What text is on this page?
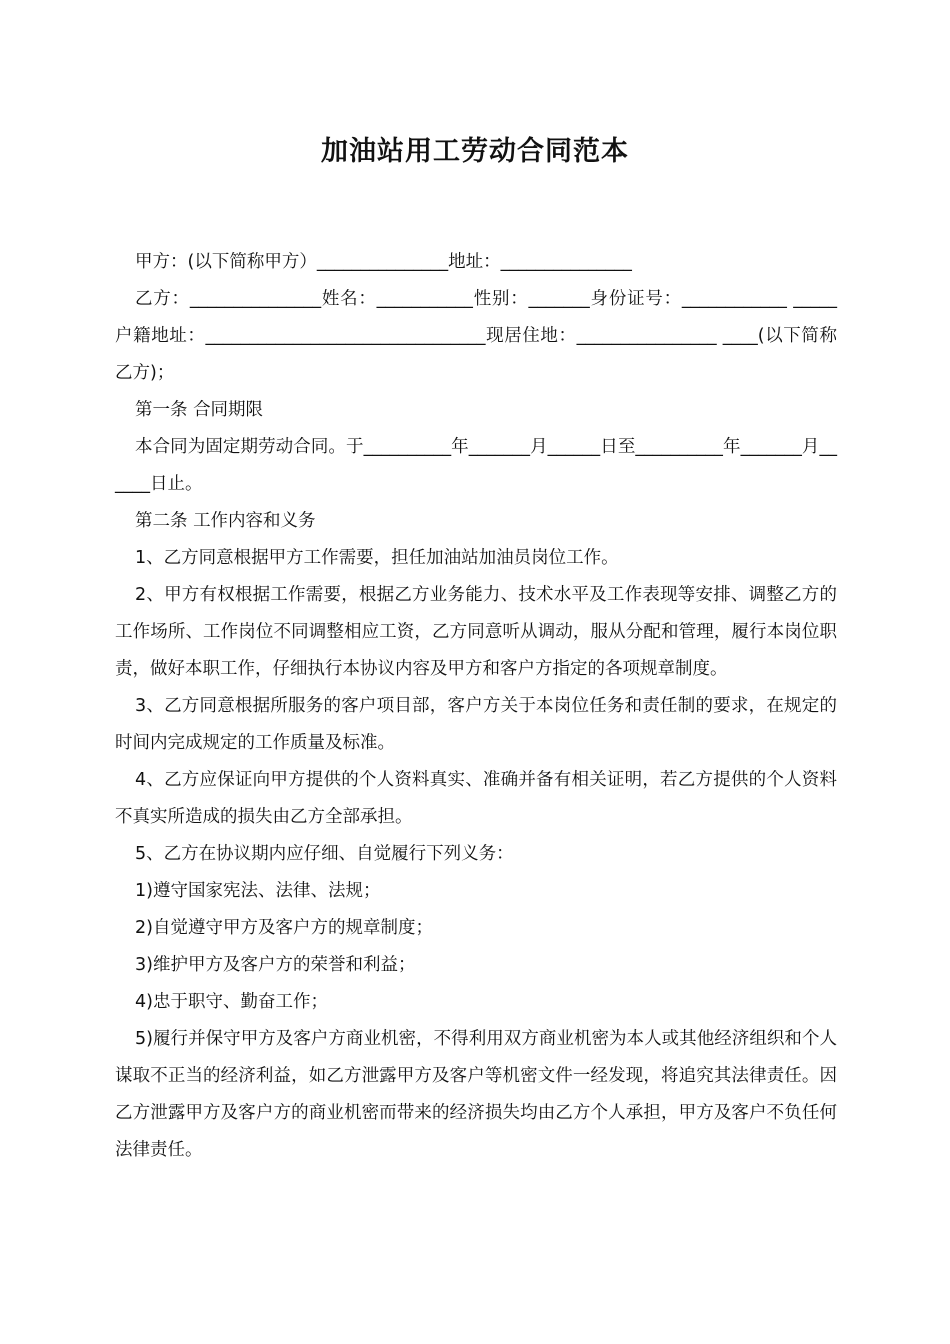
加油站用工劳动合同范本

甲方：(以下简称甲方）_______________地址：_______________

乙方：_______________姓名：___________性别：_______身份证号：____________ _____ 户籍地址：________________________________现居住地：________________ ____(以下简称乙方)；

第一条 合同期限

本合同为固定期劳动合同。于__________年_______月______日至__________年_______月______日止。

第二条 工作内容和义务

1、乙方同意根据甲方工作需要，担任加油站加油员岗位工作。

2、甲方有权根据工作需要，根据乙方业务能力、技术水平及工作表现等安排、调整乙方的工作场所、工作岗位不同调整相应工资，乙方同意听从调动，服从分配和管理，履行本岗位职责，做好本职工作，仔细执行本协议内容及甲方和客户方指定的各项规章制度。

3、乙方同意根据所服务的客户项目部，客户方关于本岗位任务和责任制的要求，在规定的时间内完成规定的工作质量及标准。

4、乙方应保证向甲方提供的个人资料真实、准确并备有相关证明，若乙方提供的个人资料不真实所造成的损失由乙方全部承担。

5、乙方在协议期内应仔细、自觉履行下列义务：

1)遵守国家宪法、法律、法规；

2)自觉遵守甲方及客户方的规章制度；

3)维护甲方及客户方的荣誉和利益；

4)忠于职守、勤奋工作；

5)履行并保守甲方及客户方商业机密，不得利用双方商业机密为本人或其他经济组织和个人谋取不正当的经济利益，如乙方泄露甲方及客户等机密文件一经发现，将追究其法律责任。因乙方泄露甲方及客户方的商业机密而带来的经济损失均由乙方个人承担，甲方及客户不负任何法律责任。
